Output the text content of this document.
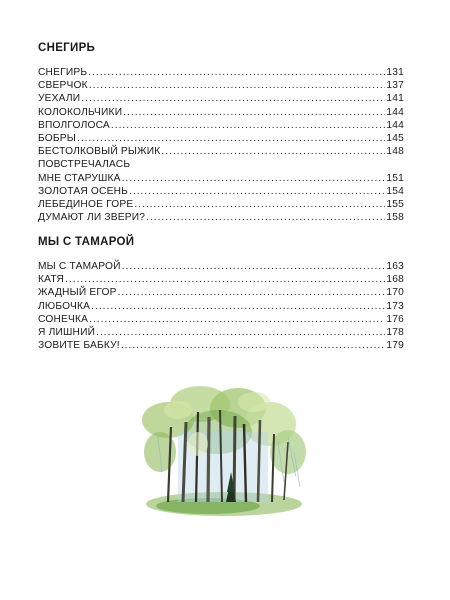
СНЕГИРЬ
СНЕГИРЬ .....	131
СВЕРЧОК .....	137
УЕХАЛИ .....	141
КОЛОКОЛЬЧИКИ .....	144
ВПОЛГОЛОСА .....	144
БОБРЫ .....	145
БЕСТОЛКОВЫЙ РЫЖИК .....	148
ПОВСТРЕЧАЛАСЬ
МНЕ СТАРУШКА .....	151
ЗОЛОТАЯ ОСЕНЬ .....	154
ЛЕБЕДИНОЕ ГОРЕ .....	155
ДУМАЮТ ЛИ ЗВЕРИ? .....	158
МЫ С ТАМАРОЙ
МЫ С ТАМАРОЙ .....	163
КАТЯ .....	168
ЖАДНЫЙ ЕГОР .....	170
ЛЮБОЧКА .....	173
СОНЕЧКА .....	176
Я ЛИШНИЙ .....	178
ЗОВИТЕ БАБКУ! .....	179
